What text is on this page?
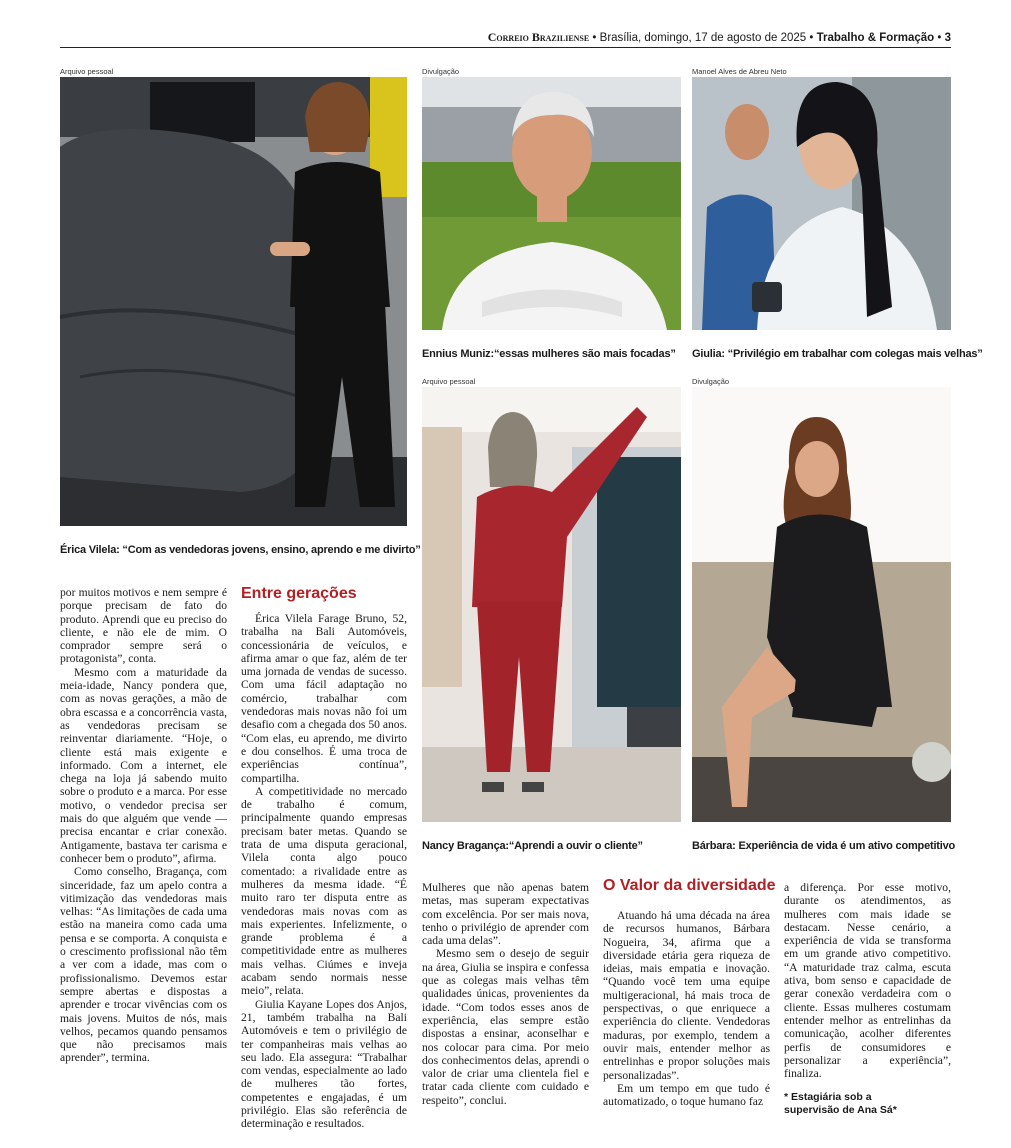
Correio Braziliense • Brasília, domingo, 17 de agosto de 2025 • Trabalho & Formação • 3
Arquivo pessoal
Érica Vilela: “Com as vendedoras jovens, ensino, aprendo e me divirto”
Divulgação
Ennius Muniz:“essas mulheres são mais focadas”
Manoel Alves de Abreu Neto
Giulia: “Privilégio em trabalhar com colegas mais velhas”
Arquivo pessoal
Nancy Bragança:“Aprendi a ouvir o cliente”
Divulgação
Bárbara: Experiência de vida é um ativo competitivo

por muitos motivos e nem sempre é porque precisam de fato do produto. Aprendi que eu preciso do cliente, e não ele de mim. O comprador sempre será o protagonista”, conta.

Mesmo com a maturidade da meia-idade, Nancy pondera que, com as novas gerações, a mão de obra escassa e a concorrência vasta, as vendedoras precisam se reinventar diariamente. “Hoje, o cliente está mais exigente e informado. Com a internet, ele chega na loja já sabendo muito sobre o produto e a marca. Por esse motivo, o vendedor precisa ser mais do que alguém que vende — precisa encantar e criar conexão. Antigamente, bastava ter carisma e conhecer bem o produto”, afirma.

Como conselho, Bragança, com sinceridade, faz um apelo contra a vitimização das vendedoras mais velhas: “As limitações de cada uma estão na maneira como cada uma pensa e se comporta. A conquista e o crescimento profissional não têm a ver com a idade, mas com o profissionalismo. Devemos estar sempre abertas e dispostas a aprender e trocar vivências com os mais jovens. Muitos de nós, mais velhos, pecamos quando pensamos que não precisamos mais aprender”, termina.

Entre gerações

Érica Vilela Farage Bruno, 52, trabalha na Bali Automóveis, concessionária de veículos, e afirma amar o que faz, além de ter uma jornada de vendas de sucesso. Com uma fácil adaptação no comércio, trabalhar com vendedoras mais novas não foi um desafio com a chegada dos 50 anos. “Com elas, eu aprendo, me divirto e dou conselhos. É uma troca de experiências contínua”, compartilha.

A competitividade no mercado de trabalho é comum, principalmente quando empresas precisam bater metas. Quando se trata de uma disputa geracional, Vilela conta algo pouco comentado: a rivalidade entre as mulheres da mesma idade. “É muito raro ter disputa entre as vendedoras mais novas com as mais experientes. Infelizmente, o grande problema é a competitividade entre as mulheres mais velhas. Ciúmes e inveja acabam sendo normais nesse meio”, relata.

Giulia Kayane Lopes dos Anjos, 21, também trabalha na Bali Automóveis e tem o privilégio de ter companheiras mais velhas ao seu lado. Ela assegura: “Trabalhar com vendas, especialmente ao lado de mulheres tão fortes, competentes e engajadas, é um privilégio. Elas são referência de determinação e resultados.

Mulheres que não apenas batem metas, mas superam expectativas com excelência. Por ser mais nova, tenho o privilégio de aprender com cada uma delas”.

Mesmo sem o desejo de seguir na área, Giulia se inspira e confessa que as colegas mais velhas têm qualidades únicas, provenientes da idade. “Com todos esses anos de experiência, elas sempre estão dispostas a ensinar, aconselhar e nos colocar para cima. Por meio dos conhecimentos delas, aprendi o valor de criar uma clientela fiel e tratar cada cliente com cuidado e respeito”, conclui.

O Valor da diversidade

Atuando há uma década na área de recursos humanos, Bárbara Nogueira, 34, afirma que a diversidade etária gera riqueza de ideias, mais empatia e inovação. “Quando você tem uma equipe multigeracional, há mais troca de perspectivas, o que enriquece a experiência do cliente. Vendedoras maduras, por exemplo, tendem a ouvir mais, entender melhor as entrelinhas e propor soluções mais personalizadas”.

Em um tempo em que tudo é automatizado, o toque humano faz

a diferença. Por esse motivo, durante os atendimentos, as mulheres com mais idade se destacam. Nesse cenário, a experiência de vida se transforma em um grande ativo competitivo. “A maturidade traz calma, escuta ativa, bom senso e capacidade de gerar conexão verdadeira com o cliente. Essas mulheres costumam entender melhor as entrelinhas da comunicação, acolher diferentes perfis de consumidores e personalizar a experiência”, finaliza.

* Estagiária sob a supervisão de Ana Sá*
